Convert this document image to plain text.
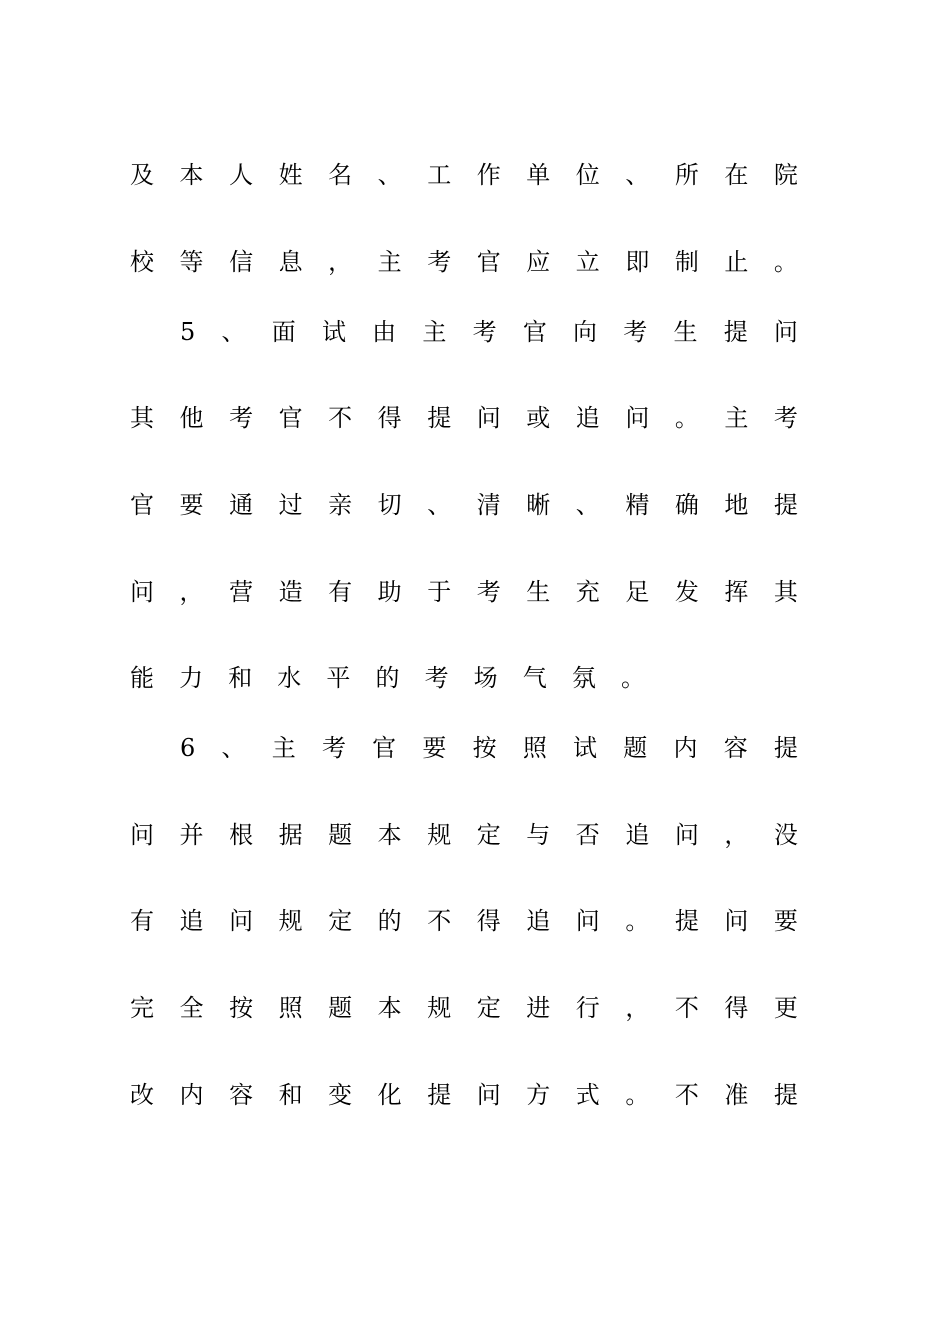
及 本 人 姓 名 、 工 作 单 位 、 所 在 院
校 等 信 息 ， 主 考 官 应 立 即 制 止 。
5 、 面 试 由 主 考 官 向 考 生 提 问
其 他 考 官 不 得 提 问 或 追 问 。 主 考
官 要 通 过 亲 切 、 清 晰 、 精 确 地 提
问 ， 营 造 有 助 于 考 生 充 足 发 挥 其
能 力 和 水 平 的 考 场 气 氛 。
6 、 主 考 官 要 按 照 试 题 内 容 提
问 并 根 据 题 本 规 定 与 否 追 问 ， 没
有 追 问 规 定 的 不 得 追 问 。 提 问 要
完 全 按 照 题 本 规 定 进 行 ， 不 得 更
改 内 容 和 变 化 提 问 方 式 。 不 准 提
